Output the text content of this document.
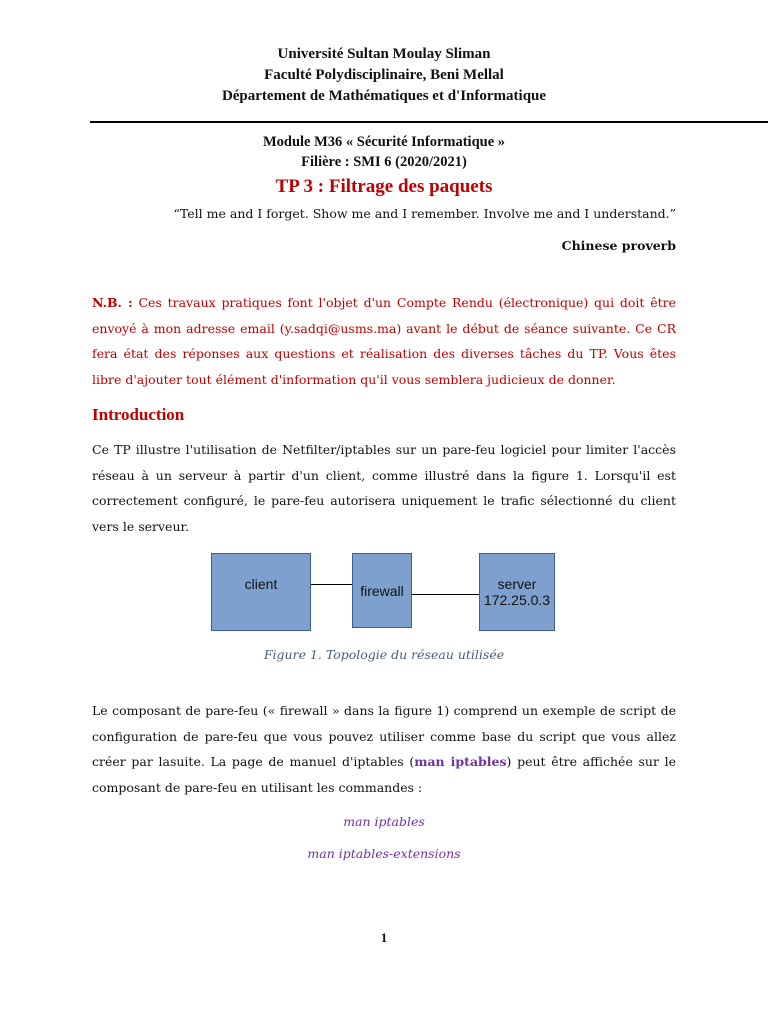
Université Sultan Moulay Sliman
Faculté Polydisciplinaire, Beni Mellal
Département de Mathématiques et d'Informatique
Module M36 « Sécurité Informatique »
Filière : SMI 6 (2020/2021)
TP 3 : Filtrage des paquets
“Tell me and I forget. Show me and I remember. Involve me and I understand.”
Chinese proverb
N.B. : Ces travaux pratiques font l'objet d'un Compte Rendu (électronique) qui doit être envoyé à mon adresse email (y.sadqi@usms.ma) avant le début de séance suivante. Ce CR fera état des réponses aux questions et réalisation des diverses tâches du TP. Vous êtes libre d'ajouter tout élément d'information qu'il vous semblera judicieux de donner.
Introduction
Ce TP illustre l'utilisation de Netfilter/iptables sur un pare-feu logiciel pour limiter l'accès réseau à un serveur à partir d'un client, comme illustré dans la figure 1. Lorsqu'il est correctement configuré, le pare-feu autorisera uniquement le trafic sélectionné du client vers le serveur.
client	firewall	server
172.25.0.3
Figure 1. Topologie du réseau utilisée
Le composant de pare-feu (« firewall » dans la figure 1) comprend un exemple de script de configuration de pare-feu que vous pouvez utiliser comme base du script que vous allez créer par lasuite. La page de manuel d'iptables (man iptables) peut être affichée sur le composant de pare-feu en utilisant les commandes :
man iptables
man iptables-extensions
1
